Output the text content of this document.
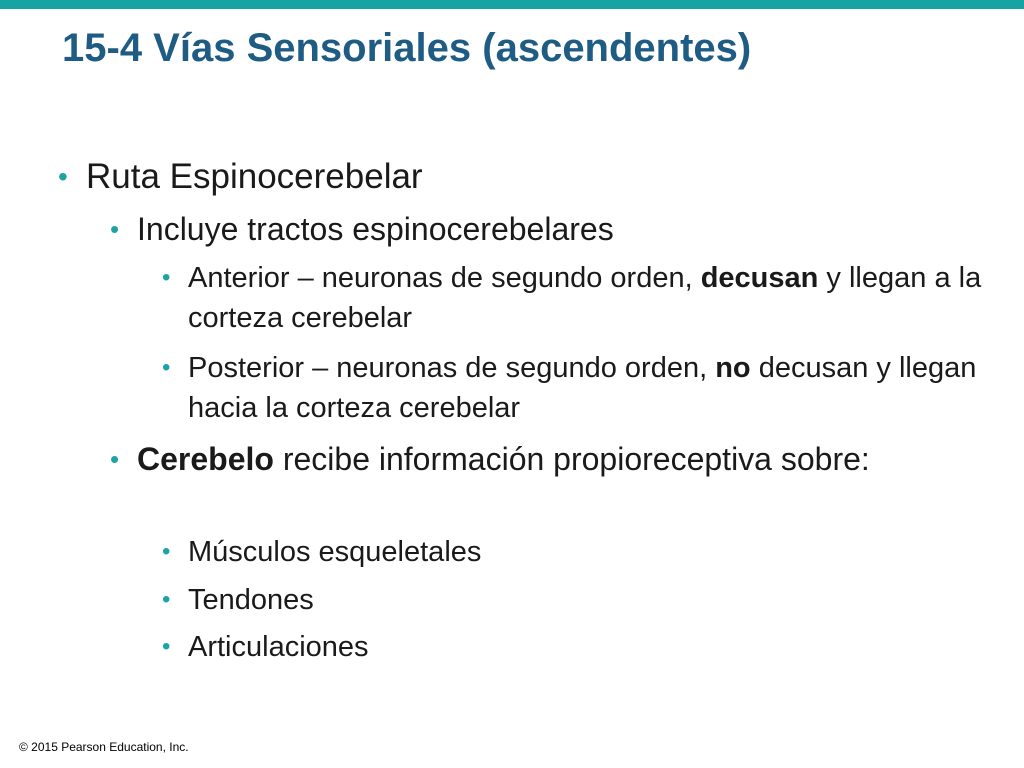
15-4 Vías Sensoriales (ascendentes)
• Ruta Espinocerebelar
• Incluye tractos espinocerebelares
• Anterior – neuronas de segundo orden, decusan y llegan a la corteza cerebelar
• Posterior – neuronas de segundo orden, no decusan y llegan hacia la corteza cerebelar
• Cerebelo recibe información propioreceptiva sobre:
• Músculos esqueletales
• Tendones
• Articulaciones
© 2015 Pearson Education, Inc.
